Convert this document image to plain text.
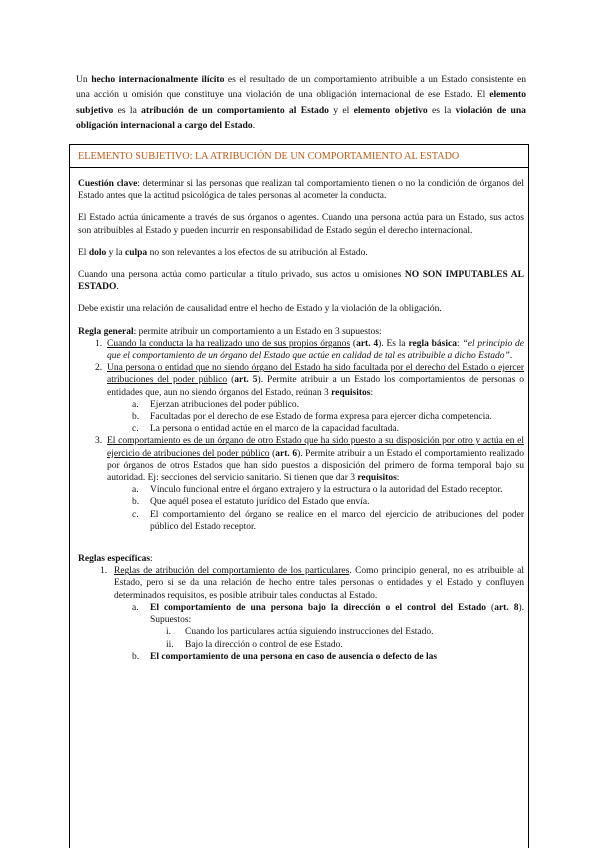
Un hecho internacionalmente ilícito es el resultado de un comportamiento atribuible a un Estado consistente en una acción u omisión que constituye una violación de una obligación internacional de ese Estado. El elemento subjetivo es la atribución de un comportamiento al Estado y el elemento objetivo es la violación de una obligación internacional a cargo del Estado.
ELEMENTO SUBJETIVO: LA ATRIBUCIÓN DE UN COMPORTAMIENTO AL ESTADO

Cuestión clave: determinar si las personas que realizan tal comportamiento tienen o no la condición de órganos del Estado antes que la actitud psicológica de tales personas al acometer la conducta.

El Estado actúa únicamente a través de sus órganos o agentes. Cuando una persona actúa para un Estado, sus actos son atribuibles al Estado y pueden incurrir en responsabilidad de Estado según el derecho internacional.

El dolo y la culpa no son relevantes a los efectos de su atribución al Estado.

Cuando una persona actúa como particular a título privado, sus actos u omisiones NO SON IMPUTABLES AL ESTADO.

Debe existir una relación de causalidad entre el hecho de Estado y la violación de la obligación.

Regla general: permite atribuir un comportamiento a un Estado en 3 supuestos:
1. Cuando la conducta la ha realizado uno de sus propios órganos (art. 4). Es la regla básica: “el principio de que el comportamiento de un órgano del Estado que actúe en calidad de tal es atribuible a dicho Estado”.
2. Una persona o entidad que no siendo órgano del Estado ha sido facultada por el derecho del Estado o ejercer atribuciones del poder público (art. 5). Permite atribuir a un Estado los comportamientos de personas o entidades que, aun no siendo órganos del Estado, reúnan 3 requisitos:
a. Ejerzan atribuciones del poder público.
b. Facultadas por el derecho de ese Estado de forma expresa para ejercer dicha competencia.
c. La persona o entidad actúe en el marco de la capacidad facultada.
3. El comportamiento es de un órgano de otro Estado que ha sido puesto a su disposición por otro y actúa en el ejercicio de atribuciones del poder público (art. 6). Permite atribuir a un Estado el comportamiento realizado por órganos de otros Estados que han sido puestos a disposición del primero de forma temporal bajo su autoridad. Ej: secciones del servicio sanitario. Si tienen que dar 3 requisitos:
a. Vínculo funcional entre el órgano extrajero y la estructura o la autoridad del Estado receptor.
b. Que aquél posea el estatuto jurídico del Estado que envía.
c. El comportamiento del órgano se realice en el marco del ejercicio de atribuciones del poder público del Estado receptor.
Reglas específicas:
1. Reglas de atribución del comportamiento de los particulares. Como principio general, no es atribuible al Estado, pero si se da una relación de hecho entre tales personas o entidades y el Estado y confluyen determinados requisitos, es posible atribuir tales conductas al Estado.
a. El comportamiento de una persona bajo la dirección o el control del Estado (art. 8). Supuestos:
i. Cuando los particulares actúa siguiendo instrucciones del Estado.
ii. Bajo la dirección o control de ese Estado.
b. El comportamiento de una persona en caso de ausencia o defecto de las
